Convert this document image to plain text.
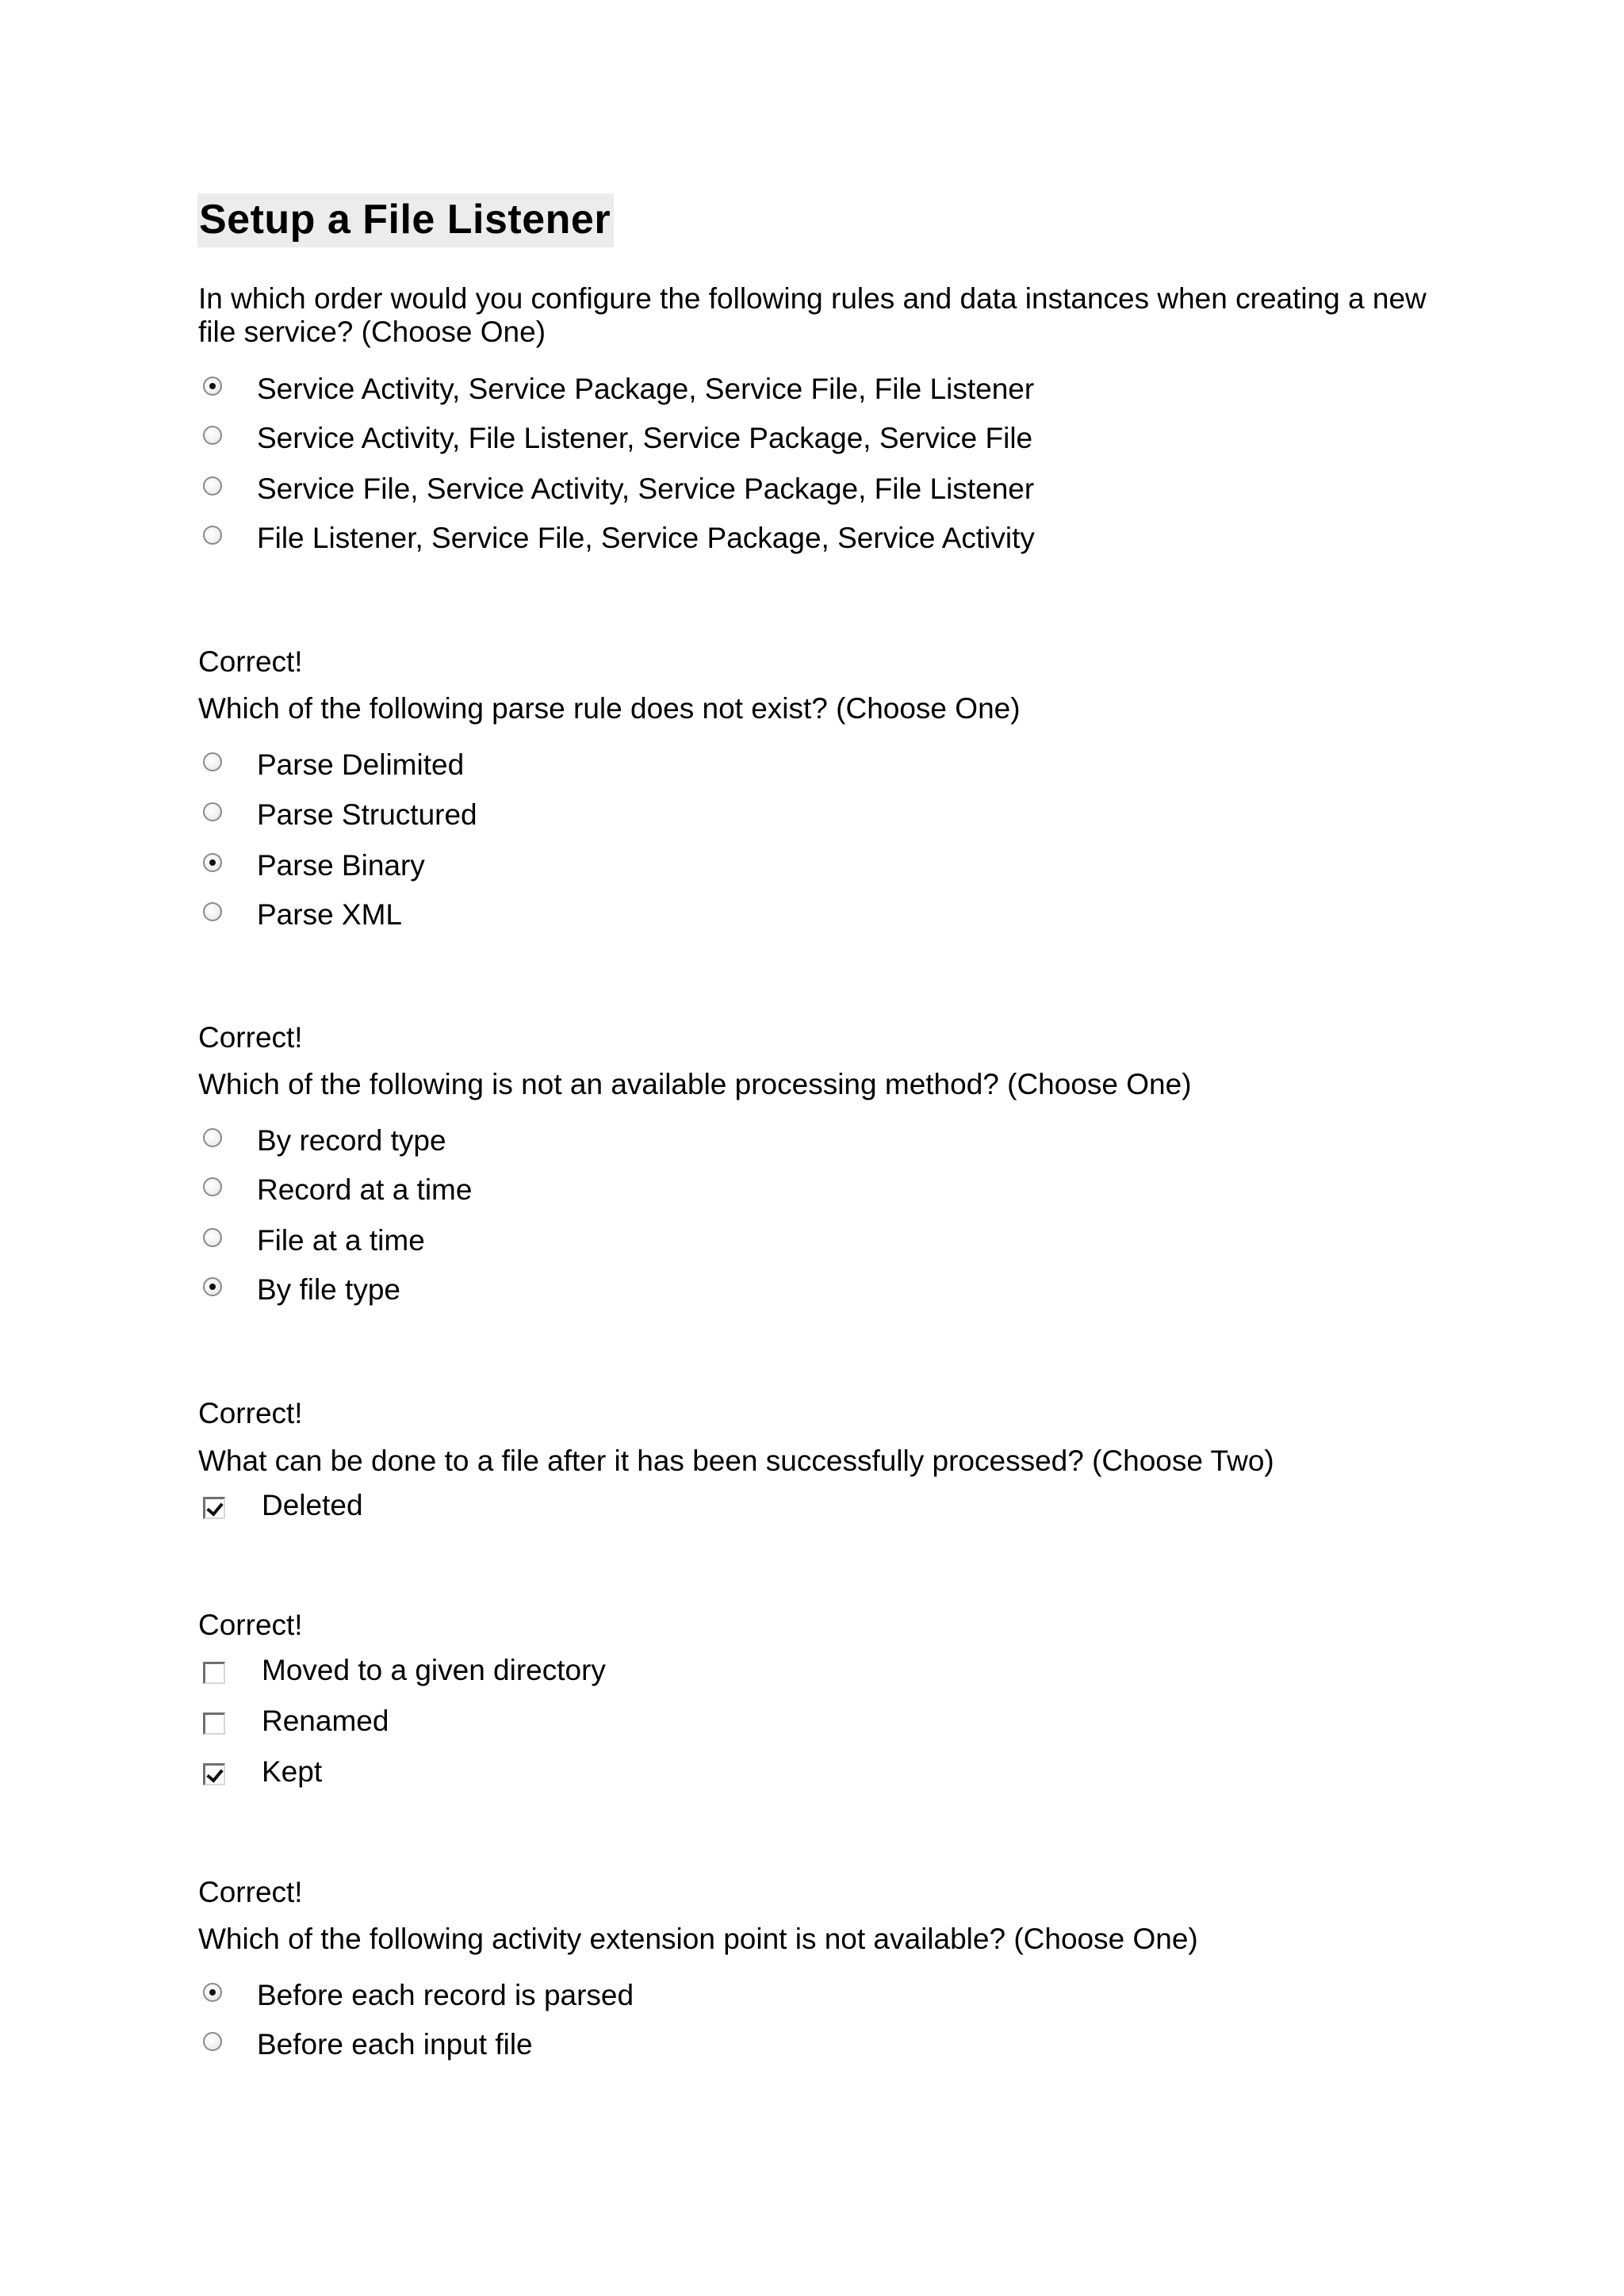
Setup a File Listener
In which order would you configure the following rules and data instances when creating a new file service? (Choose One)
Service Activity, Service Package, Service File, File Listener
Service Activity, File Listener, Service Package, Service File
Service File, Service Activity, Service Package, File Listener
File Listener, Service File, Service Package, Service Activity
Correct!
Which of the following parse rule does not exist? (Choose One)
Parse Delimited
Parse Structured
Parse Binary
Parse XML
Correct!
Which of the following is not an available processing method? (Choose One)
By record type
Record at a time
File at a time
By file type
Correct!
What can be done to a file after it has been successfully processed? (Choose Two)
Deleted
Correct!
Moved to a given directory
Renamed
Kept
Correct!
Which of the following activity extension point is not available? (Choose One)
Before each record is parsed
Before each input file
